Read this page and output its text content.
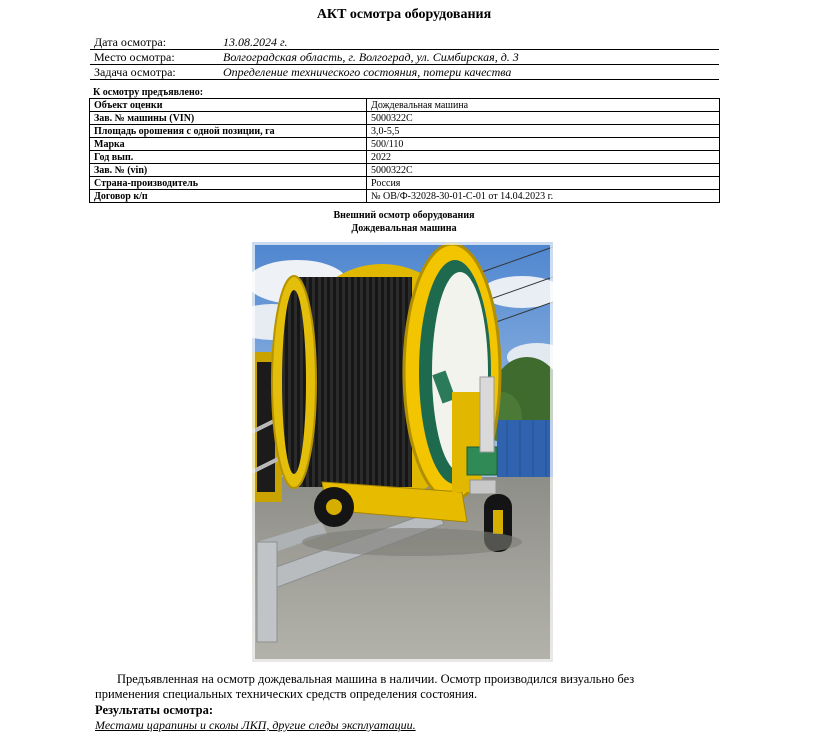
АКТ осмотра оборудования
Дата осмотра:	13.08.2024 г.
Место осмотра:	Волгоградская область, г. Волгоград, ул. Симбирская, д. 3
Задача осмотра:	Определение технического состояния, потери качества
К осмотру предъявлено:
Объект оценки	Дождевальная машина
Зав. № машины (VIN)	5000322С
Площадь орошения с одной позиции, га	3,0-5,5
Марка	500/110
Год вып.	2022
Зав. № (vin)	5000322С
Страна-производитель	Россия
Договор к/п	№ ОВ/Ф-32028-30-01-С-01 от 14.04.2023 г.
Внешний осмотр оборудования
Дождевальная машина
Предъявленная на осмотр дождевальная машина в наличии. Осмотр производился визуально без
применения специальных технических средств определения состояния.
Результаты осмотра:
Местами царапины и сколы ЛКП, другие следы эксплуатации.
